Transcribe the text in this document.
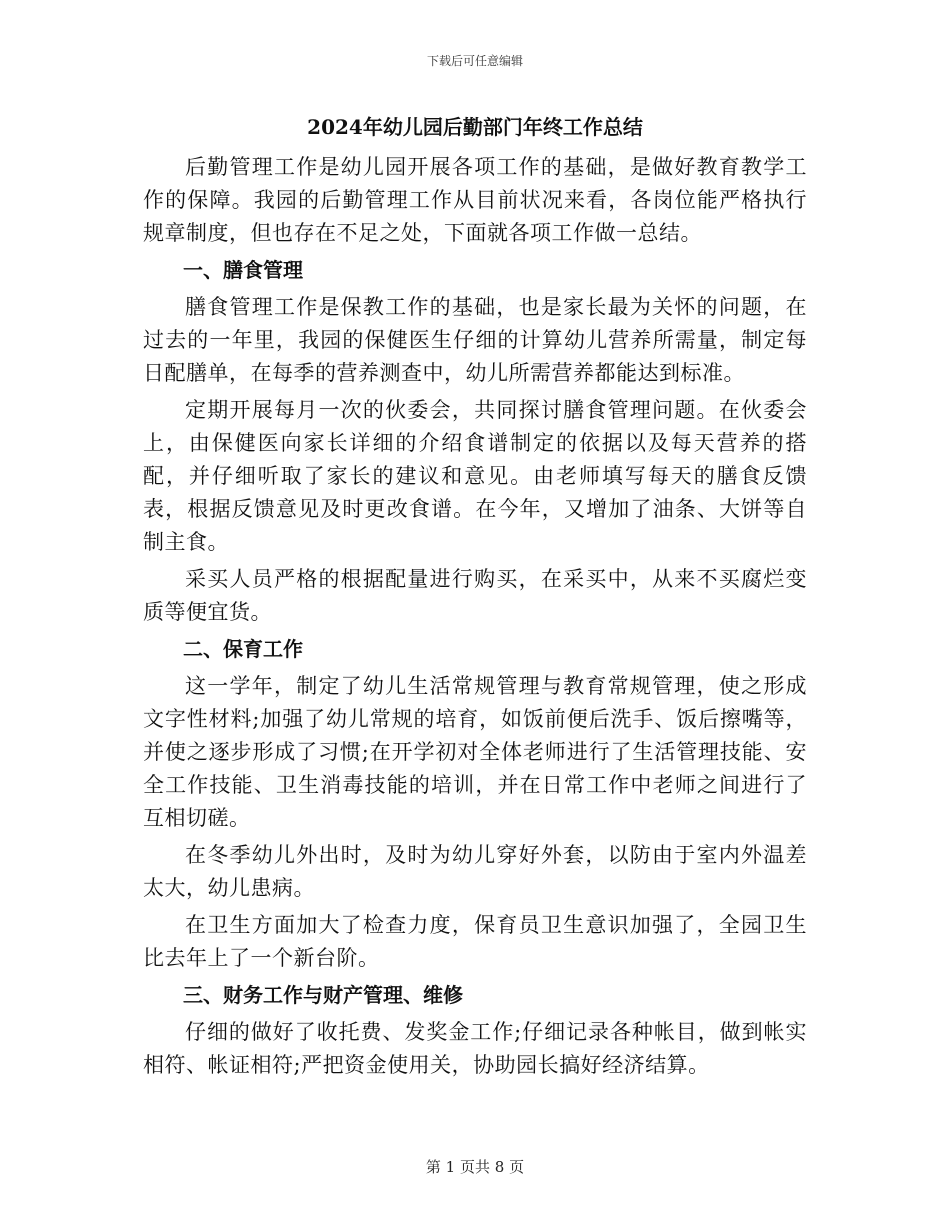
下载后可任意编辑
2024年幼儿园后勤部门年终工作总结

后勤管理工作是幼儿园开展各项工作的基础，是做好教育教学工作的保障。我园的后勤管理工作从目前状况来看，各岗位能严格执行规章制度，但也存在不足之处，下面就各项工作做一总结。

一、膳食管理

膳食管理工作是保教工作的基础，也是家长最为关怀的问题，在过去的一年里，我园的保健医生仔细的计算幼儿营养所需量，制定每日配膳单，在每季的营养测查中，幼儿所需营养都能达到标准。

定期开展每月一次的伙委会，共同探讨膳食管理问题。在伙委会上，由保健医向家长详细的介绍食谱制定的依据以及每天营养的搭配，并仔细听取了家长的建议和意见。由老师填写每天的膳食反馈表，根据反馈意见及时更改食谱。在今年，又增加了油条、大饼等自制主食。

采买人员严格的根据配量进行购买，在采买中，从来不买腐烂变质等便宜货。

二、保育工作

这一学年，制定了幼儿生活常规管理与教育常规管理，使之形成文字性材料;加强了幼儿常规的培育，如饭前便后洗手、饭后擦嘴等，并使之逐步形成了习惯;在开学初对全体老师进行了生活管理技能、安全工作技能、卫生消毒技能的培训，并在日常工作中老师之间进行了互相切磋。

在冬季幼儿外出时，及时为幼儿穿好外套，以防由于室内外温差太大，幼儿患病。

在卫生方面加大了检查力度，保育员卫生意识加强了，全园卫生比去年上了一个新台阶。

三、财务工作与财产管理、维修

仔细的做好了收托费、发奖金工作;仔细记录各种帐目，做到帐实相符、帐证相符;严把资金使用关，协助园长搞好经济结算。

第 1 页共 8 页
